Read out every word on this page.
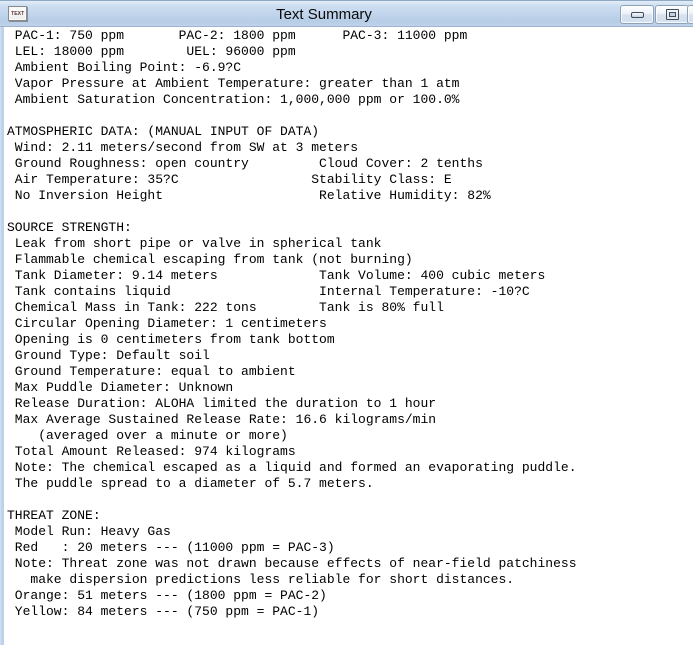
TEXT	Text Summary
PAC-1: 750 ppm       PAC-2: 1800 ppm      PAC-3: 11000 ppm
LEL: 18000 ppm        UEL: 96000 ppm
Ambient Boiling Point: -6.9?C
Vapor Pressure at Ambient Temperature: greater than 1 atm
Ambient Saturation Concentration: 1,000,000 ppm or 100.0%
ATMOSPHERIC DATA: (MANUAL INPUT OF DATA)
Wind: 2.11 meters/second from SW at 3 meters
Ground Roughness: open country         Cloud Cover: 2 tenths
Air Temperature: 35?C                 Stability Class: E
No Inversion Height                    Relative Humidity: 82%
SOURCE STRENGTH:
Leak from short pipe or valve in spherical tank
Flammable chemical escaping from tank (not burning)
Tank Diameter: 9.14 meters             Tank Volume: 400 cubic meters
Tank contains liquid                   Internal Temperature: -10?C
Chemical Mass in Tank: 222 tons        Tank is 80% full
Circular Opening Diameter: 1 centimeters
Opening is 0 centimeters from tank bottom
Ground Type: Default soil
Ground Temperature: equal to ambient
Max Puddle Diameter: Unknown
Release Duration: ALOHA limited the duration to 1 hour
Max Average Sustained Release Rate: 16.6 kilograms/min
(averaged over a minute or more)
Total Amount Released: 974 kilograms
Note: The chemical escaped as a liquid and formed an evaporating puddle.
The puddle spread to a diameter of 5.7 meters.
THREAT ZONE:
Model Run: Heavy Gas
Red   : 20 meters --- (11000 ppm = PAC-3)
Note: Threat zone was not drawn because effects of near-field patchiness
make dispersion predictions less reliable for short distances.
Orange: 51 meters --- (1800 ppm = PAC-2)
Yellow: 84 meters --- (750 ppm = PAC-1)
